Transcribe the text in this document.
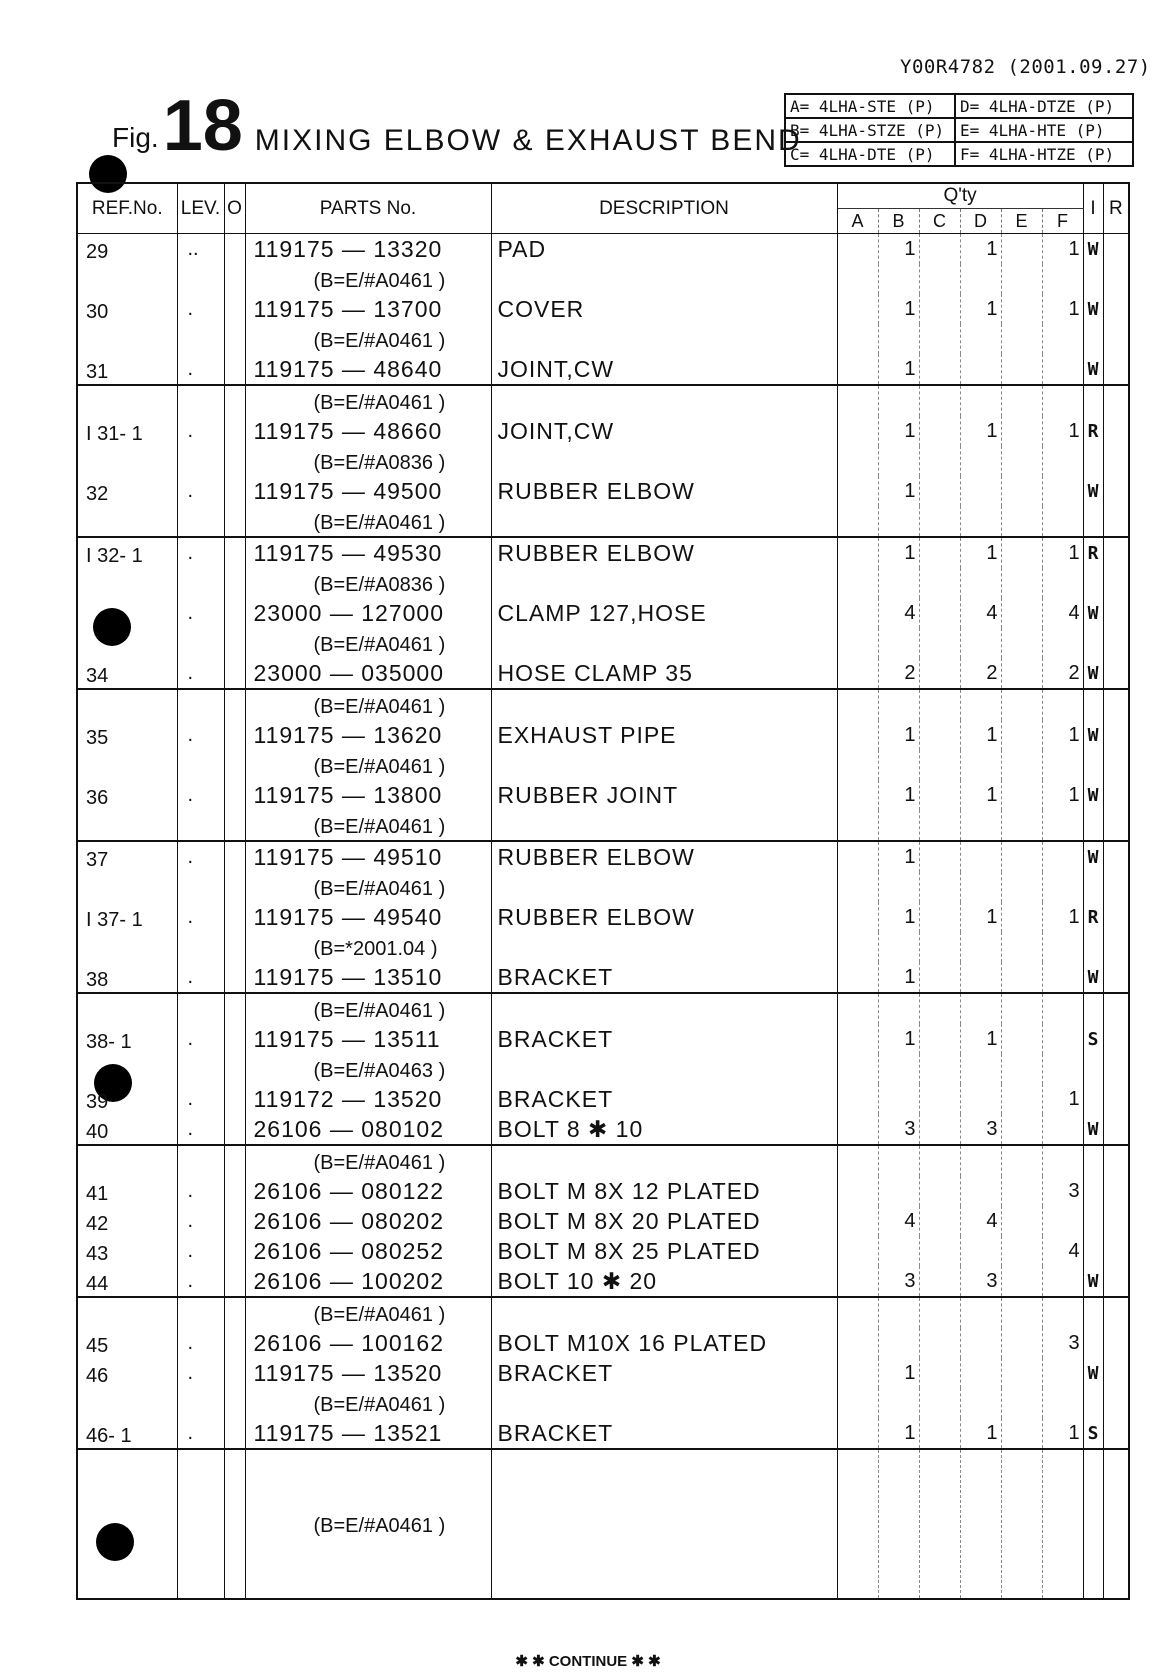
Y00R4782 (2001.09.27)
Fig. 18 MIXING ELBOW & EXHAUST BEND
A= 4LHA-STE (P)	D= 4LHA-DTZE (P)
B= 4LHA-STZE (P)	E= 4LHA-HTE (P)
C= 4LHA-DTE (P)	F= 4LHA-HTZE (P)
REF.No.	LEV.	O	PARTS No.	DESCRIPTION	Q'ty						I	R
					A	B	C	D	E	F		
29	..		119175 — 13320	PAD		1		1		1	W	
			(B=E/#A0461 )									
30	.		119175 — 13700	COVER		1		1		1	W	
			(B=E/#A0461 )									
31	.		119175 — 48640	JOINT,CW		1					W	
			(B=E/#A0461 )									
I 31- 1	.		119175 — 48660	JOINT,CW		1		1		1	R	
			(B=E/#A0836 )									
32	.		119175 — 49500	RUBBER ELBOW		1					W	
			(B=E/#A0461 )									
I 32- 1	.		119175 — 49530	RUBBER ELBOW		1		1		1	R	
			(B=E/#A0836 )									
	.		23000 — 127000	CLAMP 127,HOSE		4		4		4	W	
			(B=E/#A0461 )									
34	.		23000 — 035000	HOSE CLAMP 35		2		2		2	W	
			(B=E/#A0461 )									
35	.		119175 — 13620	EXHAUST PIPE		1		1		1	W	
			(B=E/#A0461 )									
36	.		119175 — 13800	RUBBER JOINT		1		1		1	W	
			(B=E/#A0461 )									
37	.		119175 — 49510	RUBBER ELBOW		1					W	
			(B=E/#A0461 )									
I 37- 1	.		119175 — 49540	RUBBER ELBOW		1		1		1	R	
			(B=*2001.04 )									
38	.		119175 — 13510	BRACKET		1					W	
			(B=E/#A0461 )									
38- 1	.		119175 — 13511	BRACKET		1		1			S	
			(B=E/#A0463 )									
39	.		119172 — 13520	BRACKET						1		
40	.		26106 — 080102	BOLT 8 ✱ 10		3		3			W	
			(B=E/#A0461 )									
41	.		26106 — 080122	BOLT M 8X 12 PLATED						3		
42	.		26106 — 080202	BOLT M 8X 20 PLATED		4		4				
43	.		26106 — 080252	BOLT M 8X 25 PLATED						4		
44	.		26106 — 100202	BOLT 10 ✱ 20		3		3			W	
			(B=E/#A0461 )									
45	.		26106 — 100162	BOLT M10X 16 PLATED						3		
46	.		119175 — 13520	BRACKET		1					W	
			(B=E/#A0461 )									
46- 1	.		119175 — 13521	BRACKET		1		1		1	S	
			(B=E/#A0461 )									
✱ ✱ CONTINUE ✱ ✱
